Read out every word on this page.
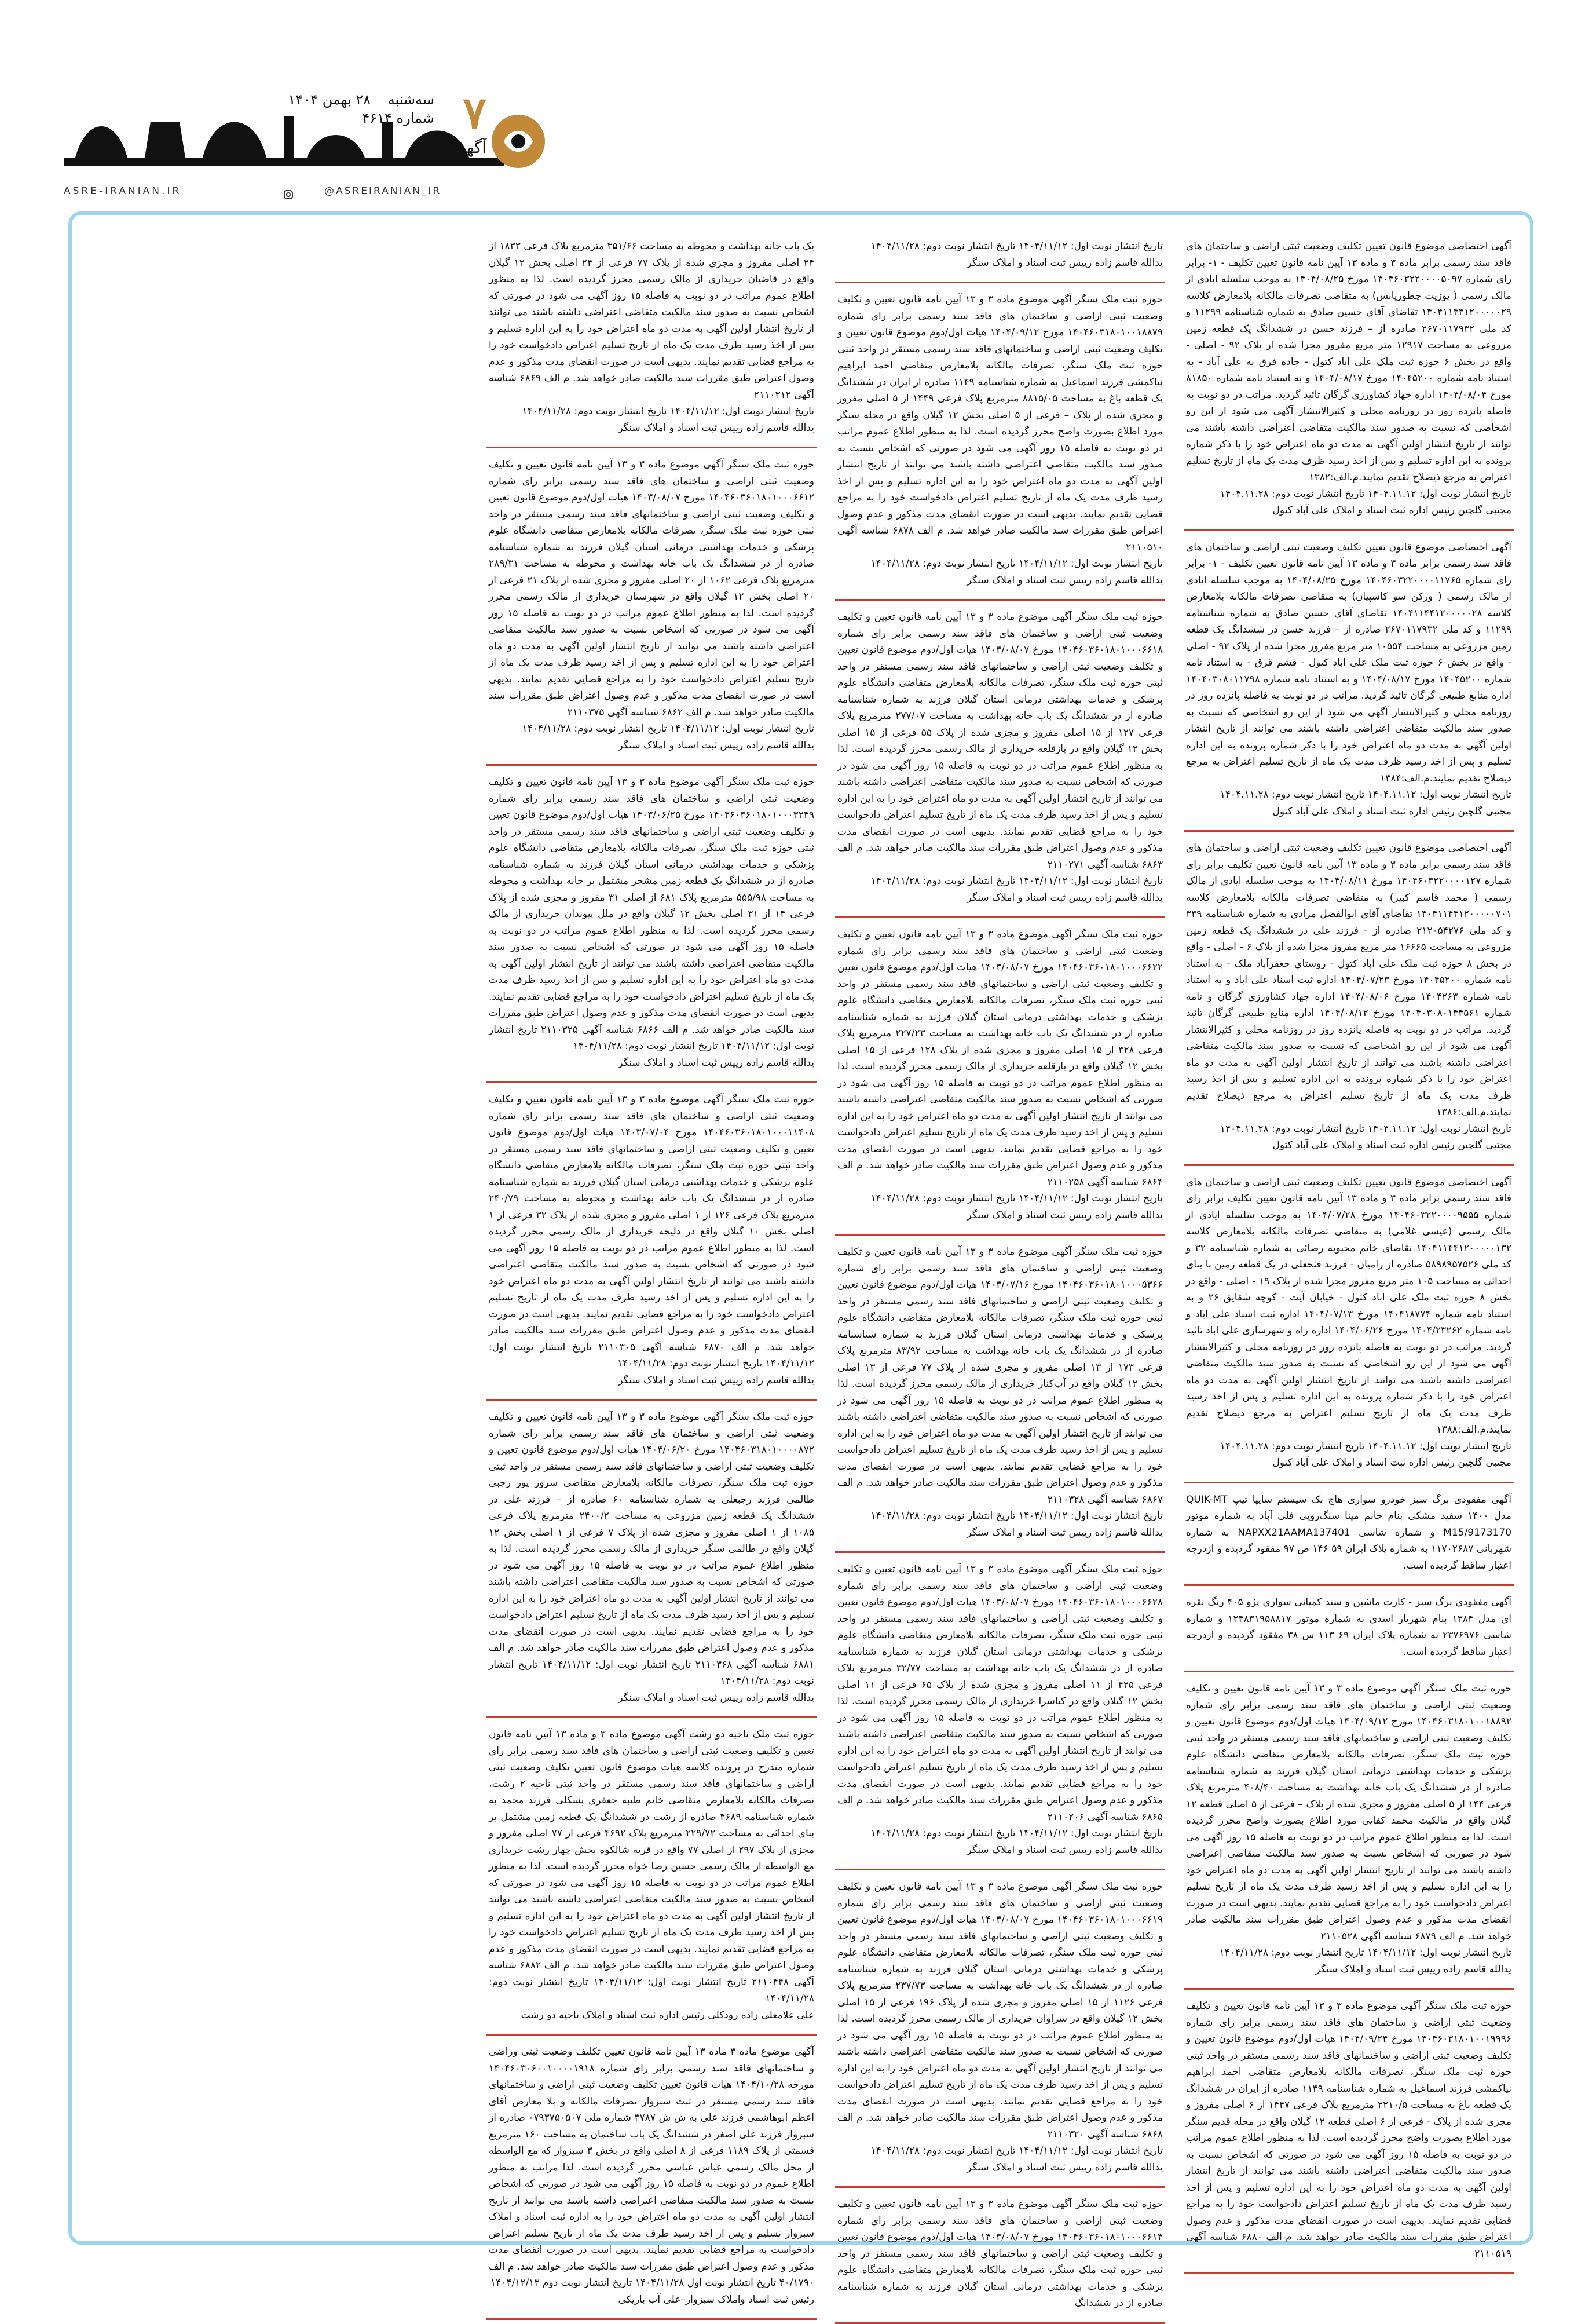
ASRE-IRANIAN.IR	@ASREIRANIAN_IR
۷
سه‌شنبه
۲۸ بهمن ۱۴۰۴
شماره ۴۶۱۴
آگهی

آگهی اختصاصی موضوع قانون تعیین تکلیف وضعیت ثبتی اراضی و ساختمان های فاقد سند رسمی برابر ماده ۳ و ماده ۱۳ آیین نامه قانون تعیین تکلیف - ۱- برابر رای شماره ۱۴۰۴۶۰۳۲۲۰۰۰۰۵۰۹۷ مورخ ۱۴۰۴/۰۸/۲۵ به موجب سلسله ایادی از مالک رسمی ( پوزیت چطوریانس) به متقاضی تصرفات مالکانه بلامعارض کلاسه ۱۴۰۴۱۱۴۴۱۲۰۰۰۰۰۲۹ تقاضای آقای حسین صادق به شماره شناسنامه ۱۱۲۹۹ و کد ملی ۲۶۷۰۱۱۷۹۳۲ صادره از – فرزند حسن در ششدانگ یک قطعه زمین مزروعی به مساحت ۱۲۹۱۷ متر مربع مفروز مجزا شده از پلاک ۹۲ - اصلی - واقع در بخش ۶ حوزه ثبت ملک علی اباد کتول - جاده فرق به علی آباد - به استناد نامه شماره ۱۴۰۴۵۲۰۰ مورخ ۱۴۰۴/۰۸/۱۷ و به استناد نامه شماره ۸۱۸۵۰ مورخ ۱۴۰۴/۰۸/۰۴ اداره جهاد کشاورزی گرگان تائید گردید. مراتب در دو نوبت به فاصله پانزده روز در روزنامه محلی و کثیرالانتشار آگهی می شود از این رو اشخاصی که نسبت به صدور سند مالکیت متقاضی اعتراضی داشته باشند می توانند از تاریخ انتشار اولین آگهی به مدت دو ماه اعتراض خود را با ذکر شماره پرونده به این اداره تسلیم و پس از اخذ رسید ظرف مدت یک ماه از تاریخ تسلیم اعتراض به مرجع ذیصلاح تقدیم نمایند.م.الف:۱۳۸۲

تاریخ انتشار نوبت اول: ۱۴۰۴.۱۱.۱۲ تاریخ انتشار نوبت دوم: ۱۴۰۴.۱۱.۲۸

مجتبی گلچین رئیس اداره ثبت اسناد و املاک علی آباد کتول

آگهی اختصاصی موضوع قانون تعیین تکلیف وضعیت ثبتی اراضی و ساختمان های فاقد سند رسمی برابر ماده ۳ و ماده ۱۳ آیین نامه قانون تعیین تکلیف - ۱- برابر رای شماره ۱۴۰۴۶۰۳۲۲۰۰۰۰۱۱۷۶۵ مورخ ۱۴۰۴/۰۸/۲۵ به موجب سلسله ایادی از مالک رسمی ( ورکن سو کاسپیان) به متقاضی تصرفات مالکانه بلامعارض کلاسه ۱۴۰۴۱۱۴۴۱۲۰۰۰۰۰۲۸ تقاضای آقای حسین صادق به شماره شناسنامه ۱۱۲۹۹ و کد ملی ۲۶۷۰۱۱۷۹۳۲ صادره از – فرزند حسن در ششدانگ یک قطعه زمین مزروعی به مساحت ۱۰۵۵۴ متر مربع مفروز مجزا شده از پلاک ۹۲ - اصلی - واقع در بخش ۶ حوزه ثبت ملک علی اباد کتول - قشم قرق - به استناد نامه شماره ۱۴۰۴۵۲۰۰ مورخ ۱۴۰۴/۰۸/۱۷ و به استناد نامه شماره ۱۴۰۴۰۳۰۸۰۱۱۷۹۸ اداره منابع طبیعی گرگان تائید گردید. مراتب در دو نوبت به فاصله پانزده روز در روزنامه محلی و کثیرالانتشار آگهی می شود از این رو اشخاصی که نسبت به صدور سند مالکیت متقاضی اعتراضی داشته باشند می توانند از تاریخ انتشار اولین آگهی به مدت دو ماه اعتراض خود را با ذکر شماره پرونده به این اداره تسلیم و پس از اخذ رسید ظرف مدت یک ماه از تاریخ تسلیم اعتراض به مرجع ذیصلاح تقدیم نمایند.م.الف:۱۳۸۴

تاریخ انتشار نوبت اول: ۱۴۰۴.۱۱.۱۲ تاریخ انتشار نوبت دوم: ۱۴۰۴.۱۱.۲۸

مجتبی گلچین رئیس اداره ثبت اسناد و املاک علی آباد کتول

آگهی اختصاصی موضوع قانون تعیین تکلیف وضعیت ثبتی اراضی و ساختمان های فاقد سند رسمی برابر ماده ۳ و ماده ۱۳ آیین نامه قانون تعیین تکلیف برابر رای شماره ۱۴۰۴۶۰۳۲۲۰۰۰۰۱۲۷ مورخ ۱۴۰۴/۰۸/۱۱ به موجب سلسله ایادی از مالک رسمی ( محمد قاسم کبیر) به متقاضی تصرفات مالکانه بلامعارض کلاسه ۱۴۰۴۱۱۴۴۱۲۰۰۰۰۰۷۰۱ تقاضای آقای ابوالفضل مرادی به شماره شناسنامه ۳۳۹ و کد ملی ۲۱۲۰۵۴۲۷۶ صادره از - فرزند علی در ششدانگ یک قطعه زمین مزروعی به مساحت ۱۶۶۶۵ متر مربع مفروز مجزا شده از پلاک ۶ - اصلی - واقع در بخش ۸ حوزه ثبت ملک علی اباد کتول - روستای جعفرآباد ملک - به استناد نامه شماره ۱۴۰۴۵۲۰۰ مورخ ۱۴۰۴/۰۷/۲۳ اداره ثبت اسناد علی اباد و به استناد نامه شماره ۱۴۰۴۲۶۳ مورخ ۱۴۰۴/۰۸/۰۶ اداره جهاد کشاورزی گرگان و نامه شماره ۱۴۰۴۰۳۰۸۰۱۴۴۵۶۱ مورخ ۱۴۰۴/۰۸/۱۲ اداره منابع طبیعی گرگان تائید گردید. مراتب در دو نوبت به فاصله پانزده روز در روزنامه محلی و کثیرالانتشار آگهی می شود از این رو اشخاصی که نسبت به صدور سند مالکیت متقاضی اعتراضی داشته باشند می توانند از تاریخ انتشار اولین آگهی به مدت دو ماه اعتراض خود را با ذکر شماره پرونده به این اداره تسلیم و پس از اخذ رسید ظرف مدت یک ماه از تاریخ تسلیم اعتراض به مرجع ذیصلاح تقدیم نمایند.م.الف:۱۳۸۶

تاریخ انتشار نوبت اول: ۱۴۰۴.۱۱.۱۲ تاریخ انتشار نوبت دوم: ۱۴۰۴.۱۱.۲۸

مجتبی گلچین رئیس اداره ثبت اسناد و املاک علی آباد کتول

آگهی اختصاصی موضوع قانون تعیین تکلیف وضعیت ثبتی اراضی و ساختمان های فاقد سند رسمی برابر ماده ۳ و ماده ۱۳ آیین نامه قانون تعیین تکلیف برابر رای شماره ۱۴۰۴۶۰۳۲۲۰۰۰۰۹۵۵۵ مورخ ۱۴۰۴/۰۷/۲۸ به موجب سلسله ایادی از مالک رسمی (عیسی غلامی) به متقاضی تصرفات مالکانه بلامعارض کلاسه ۱۴۰۴۱۱۴۴۱۲۰۰۰۰۰۱۳۲ تقاضای خانم محبوبه رضائی به شماره شناسنامه ۳۲ و کد ملی ۵۸۹۸۹۵۷۵۲۶ صادره از رامیان - فرزند فتحعلی در یک قطعه زمین با بنای احداثی به مساحت ۱۰۵ متر مربع مفروز مجزا شده از پلاک ۱۹ - اصلی - واقع در بخش ۸ حوزه ثبت ملک علی اباد کتول - خیابان آیت - کوچه شقایق ۲۶ و به استناد نامه شماره ۱۴۰۴۱۸۷۷۴ مورخ ۱۴۰۴/۰۷/۱۳ اداره ثبت اسناد علی اباد و نامه شماره ۱۴۰۴/۲۳۲۶۲ مورخ ۱۴۰۴/۰۶/۲۶ اداره راه و شهرسازی علی اباد تائید گردید. مراتب در دو نوبت به فاصله پانزده روز در روزنامه محلی و کثیرالانتشار آگهی می شود از این رو اشخاصی که نسبت به صدور سند مالکیت متقاضی اعتراضی داشته باشند می توانند از تاریخ انتشار اولین آگهی به مدت دو ماه اعتراض خود را با ذکر شماره پرونده به این اداره تسلیم و پس از اخذ رسید ظرف مدت یک ماه از تاریخ تسلیم اعتراض به مرجع ذیصلاح تقدیم نمایند.م.الف:۱۳۸۸

تاریخ انتشار نوبت اول: ۱۴۰۴.۱۱.۱۲ تاریخ انتشار نوبت دوم: ۱۴۰۴.۱۱.۲۸

مجتبی گلچین رئیس اداره ثبت اسناد و املاک علی آباد کتول

آگهی مفقودی برگ سبز خودرو سواری هاچ بک سیستم سایپا تیپ QUIK-MT مدل ۱۴۰۰ سفید مشکی بنام خانم مینا سنگ‌رویی فلی آباد به شماره موتور M15/9173170 و شماره شاسی NAPXX21AAMA137401 به شماره شهربانی ۱۱۷۰۲۶۸۷ به شماره پلاک ایران ۵۹ ۱۴۶ ص ۹۷ مفقود گردیده و ازدرجه اعتبار ساقط گردیده است.

آگهی مفقودی برگ سبز - کارت ماشین و سند کمپانی سواری پژو ۴۰۵ رنگ نقره ای مدل ۱۳۸۴ بنام شهریار اسدی به شماره موتور ۱۲۴۸۳۱۹۵۸۸۱۷ و شماره شاسی ۲۳۷۶۹۷۶ به شماره پلاک ایران ۶۹ ۱۱۳ س ۳۸ مفقود گردیده و ازدرجه اعتبار ساقط گردیده است.

حوزه ثبت ملک سنگر آگهی موضوع ماده ۳ و ۱۳ آیین نامه قانون تعیین و تکلیف وضعیت ثبتی اراضی و ساختمان های فاقد سند رسمی برابر رای شماره ۱۴۰۴۶۰۳۱۸۰۱۰۰۱۸۸۹۲ مورخ ۱۴۰۴/۰۹/۱۲ هیات اول/دوم موضوع قانون تعیین و تکلیف وضعیت ثبتی اراضی و ساختمانهای فاقد سند رسمی مستقر در واحد ثبتی حوزه ثبت ملک سنگر، تصرفات مالکانه بلامعارض متقاضی دانشگاه علوم پزشکی و خدمات بهداشتی درمانی استان گیلان فرزند به شماره شناسنامه صادره از در ششدانگ یک باب خانه بهداشت به مساحت ۴۰۸/۴۰ مترمربع پلاک فرعی ۱۴۴ از ۵ اصلی مفروز و مجزی شده از پلاک – فرعی از ۵ اصلی قطعه ۱۲ گیلان واقع در مالکیت محمد کفایی مورد اطلاع بصورت واضح محرز گردیده است. لذا به منظور اطلاع عموم مراتب در دو نوبت به فاصله ۱۵ روز آگهی می شود در صورتی که اشخاص نسبت به صدور سند مالکیت متقاضی اعتراضی داشته باشند می توانند از تاریخ انتشار اولین آگهی به مدت دو ماه اعتراض خود را به این اداره تسلیم و پس از اخذ رسید ظرف مدت یک ماه از تاریخ تسلیم اعتراض دادخواست خود را به مراجع قضایی تقدیم نمایند. بدیهی است در صورت انقضای مدت مذکور و عدم وصول اعتراض طبق مقررات سند مالکیت صادر خواهد شد. م الف ۶۸۷۹ شناسه آگهی ۲۱۱۰۵۲۸

تاریخ انتشار نوبت اول: ۱۴۰۴/۱۱/۱۲ تاریخ انتشار نوبت دوم: ۱۴۰۴/۱۱/۲۸

یدالله قاسم زاده رییس ثبت اسناد و املاک سنگر

حوزه ثبت ملک سنگر آگهی موضوع ماده ۳ و ۱۳ آیین نامه قانون تعیین و تکلیف وضعیت ثبتی اراضی و ساختمان های فاقد سند رسمی برابر رای شماره ۱۴۰۴۶۰۳۱۸۰۱۰۰۱۹۹۹۶ مورخ ۱۴۰۴/۰۹/۲۴ هیات اول/دوم موضوع قانون تعیین و تکلیف وضعیت ثبتی اراضی و ساختمانهای فاقد سند رسمی مستقر در واحد ثبتی حوزه ثبت ملک سنگر، تصرفات مالکانه بلامعارض متقاضی احمد ابراهیم نیاکمشی فرزند اسماعیل به شماره شناسنامه ۱۱۴۹ صادره از ایران در ششدانگ یک قطعه باغ به مساحت ۲۲۱۰/۵ مترمربع پلاک فرعی ۱۴۴۷ از ۶ اصلی مفروز و مجزی شده از پلاک - فرعی از ۶ اصلی قطعه ۱۲ گیلان واقع در محله قدیم سنگر مورد اطلاع بصورت واضح محرز گردیده است. لذا به منظور اطلاع عموم مراتب در دو نوبت به فاصله ۱۵ روز آگهی می شود در صورتی که اشخاص نسبت به صدور سند مالکیت متقاضی اعتراضی داشته باشند می توانند از تاریخ انتشار اولین آگهی به مدت دو ماه اعتراض خود را به این اداره تسلیم و پس از اخذ رسید ظرف مدت یک ماه از تاریخ تسلیم اعتراض دادخواست خود را به مراجع قضایی تقدیم نمایند. بدیهی است در صورت انقضای مدت مذکور و عدم وصول اعتراض طبق مقررات سند مالکیت صادر خواهد شد. م الف ۶۸۸۰ شناسه آگهی ۲۱۱۰۵۱۹

تاریخ انتشار نوبت اول: ۱۴۰۴/۱۱/۱۲ تاریخ انتشار نوبت دوم: ۱۴۰۴/۱۱/۲۸

یدالله قاسم زاده رییس ثبت اسناد و املاک سنگر

حوزه ثبت ملک سنگر آگهی موضوع ماده ۳ و ۱۳ آیین نامه قانون تعیین و تکلیف وضعیت ثبتی اراضی و ساختمان های فاقد سند رسمی برابر رای شماره ۱۴۰۴۶۰۳۱۸۰۱۰۰۱۸۸۷۹ مورخ ۱۴۰۴/۰۹/۱۲ هیات اول/دوم موضوع قانون تعیین و تکلیف وضعیت ثبتی اراضی و ساختمانهای فاقد سند رسمی مستقر در واحد ثبتی حوزه ثبت ملک سنگر، تصرفات مالکانه بلامعارض متقاضی احمد ابراهیم نیاکمشی فرزند اسماعیل به شماره شناسنامه ۱۱۴۹ صادره از ایران در ششدانگ یک قطعه باغ به مساحت ۸۸۱۵/۰۵ مترمربع پلاک فرعی ۱۴۴۹ از ۵ اصلی مفروز و مجزی شده از پلاک – فرعی از ۵ اصلی بخش ۱۲ گیلان واقع در محله سنگر مورد اطلاع بصورت واضح محرز گردیده است. لذا به منظور اطلاع عموم مراتب در دو نوبت به فاصله ۱۵ روز آگهی می شود در صورتی که اشخاص نسبت به صدور سند مالکیت متقاضی اعتراضی داشته باشند می توانند از تاریخ انتشار اولین آگهی به مدت دو ماه اعتراض خود را به این اداره تسلیم و پس از اخذ رسید ظرف مدت یک ماه از تاریخ تسلیم اعتراض دادخواست خود را به مراجع قضایی تقدیم نمایند. بدیهی است در صورت انقضای مدت مذکور و عدم وصول اعتراض طبق مقررات سند مالکیت صادر خواهد شد. م الف ۶۸۷۸ شناسه آگهی ۲۱۱۰۵۱۰

تاریخ انتشار نوبت اول: ۱۴۰۴/۱۱/۱۲ تاریخ انتشار نوبت دوم: ۱۴۰۴/۱۱/۲۸

یدالله قاسم زاده رییس ثبت اسناد و املاک سنگر

حوزه ثبت ملک سنگر آگهی موضوع ماده ۳ و ۱۳ آیین نامه قانون تعیین و تکلیف وضعیت ثبتی اراضی و ساختمان های فاقد سند رسمی برابر رای شماره ۱۴۰۴۶۰۳۶۰۱۸۰۱۰۰۰۶۶۱۸ مورخ ۱۴۰۳/۰۸/۰۷ هیات اول/دوم موضوع قانون تعیین و تکلیف وضعیت ثبتی اراضی و ساختمانهای فاقد سند رسمی مستقر در واحد ثبتی حوزه ثبت ملک سنگر، تصرفات مالکانه بلامعارض متقاضی دانشگاه علوم پزشکی و خدمات بهداشتی درمانی استان گیلان فرزند به شماره شناسنامه صادره از در ششدانگ یک باب خانه بهداشت به مساحت ۲۷۷/۰۷ مترمربع پلاک فرعی ۱۲۷ از ۱۵ اصلی مفروز و مجزی شده از پلاک ۵۵ فرعی از ۱۵ اصلی بخش ۱۲ گیلان واقع در بازقلعه خریداری از مالک رسمی محرز گردیده است. لذا به منظور اطلاع عموم مراتب در دو نوبت به فاصله ۱۵ روز آگهی می شود در صورتی که اشخاص نسبت به صدور سند مالکیت متقاضی اعتراضی داشته باشند می توانند از تاریخ انتشار اولین آگهی به مدت دو ماه اعتراض خود را به این اداره تسلیم و پس از اخذ رسید ظرف مدت یک ماه از تاریخ تسلیم اعتراض دادخواست خود را به مراجع قضایی تقدیم نمایند. بدیهی است در صورت انقضای مدت مذکور و عدم وصول اعتراض طبق مقررات سند مالکیت صادر خواهد شد. م الف ۶۸۶۳ شناسه آگهی ۲۱۱۰۲۷۱

تاریخ انتشار نوبت اول: ۱۴۰۴/۱۱/۱۲ تاریخ انتشار نوبت دوم: ۱۴۰۴/۱۱/۲۸

یدالله قاسم زاده رییس ثبت اسناد و املاک سنگر

حوزه ثبت ملک سنگر آگهی موضوع ماده ۳ و ۱۳ آیین نامه قانون تعیین و تکلیف وضعیت ثبتی اراضی و ساختمان های فاقد سند رسمی برابر رای شماره ۱۴۰۴۶۰۳۶۰۱۸۰۱۰۰۰۶۶۲۲ مورخ ۱۴۰۳/۰۸/۰۷ هیات اول/دوم موضوع قانون تعیین و تکلیف وضعیت ثبتی اراضی و ساختمانهای فاقد سند رسمی مستقر در واحد ثبتی حوزه ثبت ملک سنگر، تصرفات مالکانه بلامعارض متقاضی دانشگاه علوم پزشکی و خدمات بهداشتی درمانی استان گیلان فرزند به شماره شناسنامه صادره از در ششدانگ یک باب خانه بهداشت به مساحت ۲۲۷/۲۳ مترمربع پلاک فرعی ۳۲۸ از ۱۵ اصلی مفروز و مجزی شده از پلاک ۱۲۸ فرعی از ۱۵ اصلی بخش ۱۲ گیلان واقع در بازقلعه خریداری از مالک رسمی محرز گردیده است. لذا به منظور اطلاع عموم مراتب در دو نوبت به فاصله ۱۵ روز آگهی می شود در صورتی که اشخاص نسبت به صدور سند مالکیت متقاضی اعتراضی داشته باشند می توانند از تاریخ انتشار اولین آگهی به مدت دو ماه اعتراض خود را به این اداره تسلیم و پس از اخذ رسید ظرف مدت یک ماه از تاریخ تسلیم اعتراض دادخواست خود را به مراجع قضایی تقدیم نمایند. بدیهی است در صورت انقضای مدت مذکور و عدم وصول اعتراض طبق مقررات سند مالکیت صادر خواهد شد. م الف ۶۸۶۴ شناسه آگهی ۲۱۱۰۲۵۸

تاریخ انتشار نوبت اول: ۱۴۰۴/۱۱/۱۲ تاریخ انتشار نوبت دوم: ۱۴۰۴/۱۱/۲۸

یدالله قاسم زاده رییس ثبت اسناد و املاک سنگر

حوزه ثبت ملک سنگر آگهی موضوع ماده ۳ و ۱۳ آیین نامه قانون تعیین و تکلیف وضعیت ثبتی اراضی و ساختمان های فاقد سند رسمی برابر رای شماره ۱۴۰۴۶۰۳۶۰۱۸۰۱۰۰۰۵۳۶۶ مورخ ۱۴۰۳/۰۷/۱۶ هیات اول/دوم موضوع قانون تعیین و تکلیف وضعیت ثبتی اراضی و ساختمانهای فاقد سند رسمی مستقر در واحد ثبتی حوزه ثبت ملک سنگر، تصرفات مالکانه بلامعارض متقاضی دانشگاه علوم پزشکی و خدمات بهداشتی درمانی استان گیلان فرزند به شماره شناسنامه صادره از در ششدانگ یک باب خانه بهداشت به مساحت ۸۳/۹۲ مترمربع پلاک فرعی ۱۷۳ از ۱۳ اصلی مفروز و مجزی شده از پلاک ۷۷ فرعی از ۱۳ اصلی بخش ۱۲ گیلان واقع در آب‌کنار خریداری از مالک رسمی محرز گردیده است. لذا به منظور اطلاع عموم مراتب در دو نوبت به فاصله ۱۵ روز آگهی می شود در صورتی که اشخاص نسبت به صدور سند مالکیت متقاضی اعتراضی داشته باشند می توانند از تاریخ انتشار اولین آگهی به مدت دو ماه اعتراض خود را به این اداره تسلیم و پس از اخذ رسید ظرف مدت یک ماه از تاریخ تسلیم اعتراض دادخواست خود را به مراجع قضایی تقدیم نمایند. بدیهی است در صورت انقضای مدت مذکور و عدم وصول اعتراض طبق مقررات سند مالکیت صادر خواهد شد. م الف ۶۸۶۷ شناسه آگهی ۲۱۱۰۳۲۸

تاریخ انتشار نوبت اول: ۱۴۰۴/۱۱/۱۲ تاریخ انتشار نوبت دوم: ۱۴۰۴/۱۱/۲۸

یدالله قاسم زاده رییس ثبت اسناد و املاک سنگر

حوزه ثبت ملک سنگر آگهی موضوع ماده ۳ و ۱۳ آیین نامه قانون تعیین و تکلیف وضعیت ثبتی اراضی و ساختمان های فاقد سند رسمی برابر رای شماره ۱۴۰۴۶۰۳۶۰۱۸۰۱۰۰۰۶۶۲۸ مورخ ۱۴۰۳/۰۸/۰۷ هیات اول/دوم موضوع قانون تعیین و تکلیف وضعیت ثبتی اراضی و ساختمانهای فاقد سند رسمی مستقر در واحد ثبتی حوزه ثبت ملک سنگر، تصرفات مالکانه بلامعارض متقاضی دانشگاه علوم پزشکی و خدمات بهداشتی درمانی استان گیلان فرزند به شماره شناسنامه صادره از در ششدانگ یک باب خانه بهداشت به مساحت ۳۲/۷۷ مترمربع پلاک فرعی ۴۲۵ از ۱۱ اصلی مفروز و مجزی شده از پلاک ۶۵ فرعی از ۱۱ اصلی بخش ۱۲ گیلان واقع در کیاسرا خریداری از مالک رسمی محرز گردیده است. لذا به منظور اطلاع عموم مراتب در دو نوبت به فاصله ۱۵ روز آگهی می شود در صورتی که اشخاص نسبت به صدور سند مالکیت متقاضی اعتراضی داشته باشند می توانند از تاریخ انتشار اولین آگهی به مدت دو ماه اعتراض خود را به این اداره تسلیم و پس از اخذ رسید ظرف مدت یک ماه از تاریخ تسلیم اعتراض دادخواست خود را به مراجع قضایی تقدیم نمایند. بدیهی است در صورت انقضای مدت مذکور و عدم وصول اعتراض طبق مقررات سند مالکیت صادر خواهد شد. م الف ۶۸۶۵ شناسه آگهی ۲۱۱۰۲۰۶

تاریخ انتشار نوبت اول: ۱۴۰۴/۱۱/۱۲ تاریخ انتشار نوبت دوم: ۱۴۰۴/۱۱/۲۸

یدالله قاسم زاده رییس ثبت اسناد و املاک سنگر

حوزه ثبت ملک سنگر آگهی موضوع ماده ۳ و ۱۳ آیین نامه قانون تعیین و تکلیف وضعیت ثبتی اراضی و ساختمان های فاقد سند رسمی برابر رای شماره ۱۴۰۴۶۰۳۶۰۱۸۰۱۰۰۰۶۶۱۹ مورخ ۱۴۰۳/۰۸/۰۷ هیات اول/دوم موضوع قانون تعیین و تکلیف وضعیت ثبتی اراضی و ساختمانهای فاقد سند رسمی مستقر در واحد ثبتی حوزه ثبت ملک سنگر، تصرفات مالکانه بلامعارض متقاضی دانشگاه علوم پزشکی و خدمات بهداشتی درمانی استان گیلان فرزند به شماره شناسنامه صادره از در ششدانگ یک باب خانه بهداشت به مساحت ۲۳۷/۷۳ مترمربع پلاک فرعی ۱۱۲۶ از ۱۵ اصلی مفروز و مجزی شده از پلاک ۱۹۶ فرعی از ۱۵ اصلی بخش ۱۲ گیلان واقع در سراوان خریداری از مالک رسمی محرز گردیده است. لذا به منظور اطلاع عموم مراتب در دو نوبت به فاصله ۱۵ روز آگهی می شود در صورتی که اشخاص نسبت به صدور سند مالکیت متقاضی اعتراضی داشته باشند می توانند از تاریخ انتشار اولین آگهی به مدت دو ماه اعتراض خود را به این اداره تسلیم و پس از اخذ رسید ظرف مدت یک ماه از تاریخ تسلیم اعتراض دادخواست خود را به مراجع قضایی تقدیم نمایند. بدیهی است در صورت انقضای مدت مذکور و عدم وصول اعتراض طبق مقررات سند مالکیت صادر خواهد شد. م الف ۶۸۶۸ شناسه آگهی ۲۱۱۰۳۲۰

تاریخ انتشار نوبت اول: ۱۴۰۴/۱۱/۱۲ تاریخ انتشار نوبت دوم: ۱۴۰۴/۱۱/۲۸

یدالله قاسم زاده رییس ثبت اسناد و املاک سنگر

حوزه ثبت ملک سنگر آگهی موضوع ماده ۳ و ۱۳ آیین نامه قانون تعیین و تکلیف وضعیت ثبتی اراضی و ساختمان های فاقد سند رسمی برابر رای شماره ۱۴۰۴۶۰۳۶۰۱۸۰۱۰۰۰۶۶۱۴ مورخ ۱۴۰۳/۰۸/۰۷ هیات اول/دوم موضوع قانون تعیین و تکلیف وضعیت ثبتی اراضی و ساختمانهای فاقد سند رسمی مستقر در واحد ثبتی حوزه ثبت ملک سنگر، تصرفات مالکانه بلامعارض متقاضی دانشگاه علوم پزشکی و خدمات بهداشتی درمانی استان گیلان فرزند به شماره شناسنامه صادره از در ششدانگ

یک باب خانه بهداشت و محوطه به مساحت ۳۵۱/۶۶ مترمربع پلاک فرعی ۱۸۳۳ از ۲۴ اصلی مفروز و مجزی شده از پلاک ۷۷ فرعی از ۲۴ اصلی بخش ۱۲ گیلان واقع در قاضیان خریداری از مالک رسمی محرز گردیده است. لذا به منظور اطلاع عموم مراتب در دو نوبت به فاصله ۱۵ روز آگهی می شود در صورتی که اشخاص نسبت به صدور سند مالکیت متقاضی اعتراضی داشته باشند می توانند از تاریخ انتشار اولین آگهی به مدت دو ماه اعتراض خود را به این اداره تسلیم و پس از اخذ رسید ظرف مدت یک ماه از تاریخ تسلیم اعتراض دادخواست خود را به مراجع قضایی تقدیم نمایند. بدیهی است در صورت انقضای مدت مذکور و عدم وصول اعتراض طبق مقررات سند مالکیت صادر خواهد شد. م الف ۶۸۶۹ شناسه آگهی ۲۱۱۰۳۱۲

تاریخ انتشار نوبت اول: ۱۴۰۴/۱۱/۱۲ تاریخ انتشار نوبت دوم: ۱۴۰۴/۱۱/۲۸

یدالله قاسم زاده رییس ثبت اسناد و املاک سنگر

حوزه ثبت ملک سنگر آگهی موضوع ماده ۳ و ۱۳ آیین نامه قانون تعیین و تکلیف وضعیت ثبتی اراضی و ساختمان های فاقد سند رسمی برابر رای شماره ۱۴۰۴۶۰۳۶۰۱۸۰۱۰۰۰۶۶۱۲ مورخ ۱۴۰۳/۰۸/۰۷ هیات اول/دوم موضوع قانون تعیین و تکلیف وضعیت ثبتی اراضی و ساختمانهای فاقد سند رسمی مستقر در واحد ثبتی حوزه ثبت ملک سنگر، تصرفات مالکانه بلامعارض متقاضی دانشگاه علوم پزشکی و خدمات بهداشتی درمانی استان گیلان فرزند به شماره شناسنامه صادره از در ششدانگ یک باب خانه بهداشت و محوطه به مساحت ۲۸۹/۳۱ مترمربع پلاک فرعی ۱۰۶۲ از ۲۰ اصلی مفروز و مجزی شده از پلاک ۲۱ فرعی از ۲۰ اصلی بخش ۱۲ گیلان واقع در شهرستان خریداری از مالک رسمی محرز گردیده است. لذا به منظور اطلاع عموم مراتب در دو نوبت به فاصله ۱۵ روز آگهی می شود در صورتی که اشخاص نسبت به صدور سند مالکیت متقاضی اعتراضی داشته باشند می توانند از تاریخ انتشار اولین آگهی به مدت دو ماه اعتراض خود را به این اداره تسلیم و پس از اخذ رسید ظرف مدت یک ماه از تاریخ تسلیم اعتراض دادخواست خود را به مراجع قضایی تقدیم نمایند. بدیهی است در صورت انقضای مدت مذکور و عدم وصول اعتراض طبق مقررات سند مالکیت صادر خواهد شد. م الف ۶۸۶۲ شناسه آگهی ۲۱۱۰۳۷۵

تاریخ انتشار نوبت اول: ۱۴۰۴/۱۱/۱۲ تاریخ انتشار نوبت دوم: ۱۴۰۴/۱۱/۲۸

یدالله قاسم زاده رییس ثبت اسناد و املاک سنگر

حوزه ثبت ملک سنگر آگهی موضوع ماده ۳ و ۱۳ آیین نامه قانون تعیین و تکلیف وضعیت ثبتی اراضی و ساختمان های فاقد سند رسمی برابر رای شماره ۱۴۰۴۶۰۳۶۰۱۸۰۱۰۰۰۳۲۴۹ مورخ ۱۴۰۳/۰۶/۲۵ هیات اول/دوم موضوع قانون تعیین و تکلیف وضعیت ثبتی اراضی و ساختمانهای فاقد سند رسمی مستقر در واحد ثبتی حوزه ثبت ملک سنگر، تصرفات مالکانه بلامعارض متقاضی دانشگاه علوم پزشکی و خدمات بهداشتی درمانی استان گیلان فرزند به شماره شناسنامه صادره از در ششدانگ یک قطعه زمین مشجر مشتمل بر خانه بهداشت و محوطه به مساحت ۵۵۵/۹۸ مترمربع پلاک ۶۸۱ از اصلی ۳۱ مفروز و مجزی شده از پلاک فرعی ۱۴ از ۳۱ اصلی بخش ۱۲ گیلان واقع در ملل پیوندان خریداری از مالک رسمی محرز گردیده است. لذا به منظور اطلاع عموم مراتب در دو نوبت به فاصله ۱۵ روز آگهی می شود در صورتی که اشخاص نسبت به صدور سند مالکیت متقاضی اعتراضی داشته باشند می توانند از تاریخ انتشار اولین آگهی به مدت دو ماه اعتراض خود را به این اداره تسلیم و پس از اخذ رسید ظرف مدت یک ماه از تاریخ تسلیم اعتراض دادخواست خود را به مراجع قضایی تقدیم نمایند. بدیهی است در صورت انقضای مدت مذکور و عدم وصول اعتراض طبق مقررات سند مالکیت صادر خواهد شد. م الف ۶۸۶۶ شناسه آگهی ۲۱۱۰۳۲۵ تاریخ انتشار نوبت اول: ۱۴۰۴/۱۱/۱۲ تاریخ انتشار نوبت دوم: ۱۴۰۴/۱۱/۲۸

یدالله قاسم زاده رییس ثبت اسناد و املاک سنگر

حوزه ثبت ملک سنگر آگهی موضوع ماده ۳ و ۱۳ آیین نامه قانون تعیین و تکلیف وضعیت ثبتی اراضی و ساختمان های فاقد سند رسمی برابر رای شماره ۱۴۰۴۶۰۳۶۰۱۸۰۱۰۰۰۱۱۴۰۸ مورخ ۱۴۰۳/۰۷/۰۴ هیات اول/دوم موضوع قانون تعیین و تکلیف وضعیت ثبتی اراضی و ساختمانهای فاقد سند رسمی مستقر در واحد ثبتی حوزه ثبت ملک سنگر، تصرفات مالکانه بلامعارض متقاضی دانشگاه علوم پزشکی و خدمات بهداشتی درمانی استان گیلان فرزند به شماره شناسنامه صادره از در ششدانگ یک باب خانه بهداشت و محوطه به مساحت ۲۴۰/۷۹ مترمربع پلاک فرعی ۱۲۶ از ۱ اصلی مفروز و مجزی شده از پلاک ۳۲ فرعی از ۱ اصلی بخش ۱۰ گیلان واقع در دلیجه خریداری از مالک رسمی محرز گردیده است. لذا به منظور اطلاع عموم مراتب در دو نوبت به فاصله ۱۵ روز آگهی می شود در صورتی که اشخاص نسبت به صدور سند مالکیت متقاضی اعتراضی داشته باشند می توانند از تاریخ انتشار اولین آگهی به مدت دو ماه اعتراض خود را به این اداره تسلیم و پس از اخذ رسید ظرف مدت یک ماه از تاریخ تسلیم اعتراض دادخواست خود را به مراجع قضایی تقدیم نمایند. بدیهی است در صورت انقضای مدت مذکور و عدم وصول اعتراض طبق مقررات سند مالکیت صادر خواهد شد. م الف ۶۸۷۰ شناسه آگهی ۲۱۱۰۳۰۵ تاریخ انتشار نوبت اول: ۱۴۰۴/۱۱/۱۲ تاریخ انتشار نوبت دوم: ۱۴۰۴/۱۱/۲۸

یدالله قاسم زاده رییس ثبت اسناد و املاک سنگر

حوزه ثبت ملک سنگر آگهی موضوع ماده ۳ و ۱۳ آیین نامه قانون تعیین و تکلیف وضعیت ثبتی اراضی و ساختمان های فاقد سند رسمی برابر رای شماره ۱۴۰۴۶۰۳۱۸۰۱۰۰۰۰۸۷۲ مورخ ۱۴۰۴/۰۶/۲۰ هیات اول/دوم موضوع قانون تعیین و تکلیف وضعیت ثبتی اراضی و ساختمانهای فاقد سند رسمی مستقر در واحد ثبتی حوزه ثبت ملک سنگر، تصرفات مالکانه بلامعارض متقاضی سرور پور رجبی طالمی فرزند رجبعلی به شماره شناسنامه ۶۰ صادره از – فرزند علی در ششدانگ یک قطعه زمین مزروعی به مساحت ۲۴۰۰/۲ مترمربع پلاک فرعی ۱۰۸۵ از ۱ اصلی مفروز و مجزی شده از پلاک ۷ فرعی از ۱ اصلی بخش ۱۲ گیلان واقع در طالمی سنگر خریداری از مالک رسمی محرز گردیده است. لذا به منظور اطلاع عموم مراتب در دو نوبت به فاصله ۱۵ روز آگهی می شود در صورتی که اشخاص نسبت به صدور سند مالکیت متقاضی اعتراضی داشته باشند می توانند از تاریخ انتشار اولین آگهی به مدت دو ماه اعتراض خود را به این اداره تسلیم و پس از اخذ رسید ظرف مدت یک ماه از تاریخ تسلیم اعتراض دادخواست خود را به مراجع قضایی تقدیم نمایند. بدیهی است در صورت انقضای مدت مذکور و عدم وصول اعتراض طبق مقررات سند مالکیت صادر خواهد شد. م الف ۶۸۸۱ شناسه آگهی ۲۱۱۰۳۶۸ تاریخ انتشار نوبت اول: ۱۴۰۴/۱۱/۱۲ تاریخ انتشار نوبت دوم: ۱۴۰۴/۱۱/۲۸

یدالله قاسم زاده رییس ثبت اسناد و املاک سنگر

حوزه ثبت ملک ناحیه دو رشت آگهی موضوع ماده ۳ و ماده ۱۳ آیین نامه قانون تعیین و تکلیف وضعیت ثبتی اراضی و ساختمان های فاقد سند رسمی برابر رای شماره مندرج در پرونده کلاسه هیات موضوع قانون تعیین تکلیف وضعیت ثبتی اراضی و ساختمانهای فاقد سند رسمی مستقر در واحد ثبتی ناحیه ۲ رشت، تصرفات مالکانه بلامعارض متقاضی خانم طیبه جعفری پسکلی فرزند محمد به شماره شناسنامه ۴۶۸۹ صادره از رشت در ششدانگ یک قطعه زمین مشتمل بر بنای احداثی به مساحت ۲۲۹/۷۲ مترمربع پلاک ۴۶۹۲ فرعی از ۷۷ اصلی مفروز و مجزی از پلاک ۲۹۷ از اصلی ۷۷ واقع در قریه شالکوه بخش چهار رشت خریداری مع الواسطه از مالک رسمی حسین رضا خواه محرز گردیده است. لذا به منظور اطلاع عموم مراتب در دو نوبت به فاصله ۱۵ روز آگهی می شود در صورتی که اشخاص نسبت به صدور سند مالکیت متقاضی اعتراضی داشته باشند می توانند از تاریخ انتشار اولین آگهی به مدت دو ماه اعتراض خود را به این اداره تسلیم و پس از اخذ رسید ظرف مدت یک ماه از تاریخ تسلیم اعتراض دادخواست خود را به مراجع قضایی تقدیم نمایند. بدیهی است در صورت انقضای مدت مذکور و عدم وصول اعتراض طبق مقررات سند مالکیت صادر خواهد شد. م الف ۶۸۸۲ شناسه آگهی ۲۱۱۰۴۴۸ تاریخ انتشار نوبت اول: ۱۴۰۴/۱۱/۱۲ تاریخ انتشار نوبت دوم: ۱۴۰۴/۱۱/۲۸

علی غلامعلی زاده رودکلی رئیس اداره ثبت اسناد و املاک ناحیه دو رشت

آگهی موضوع ماده ۳ ماده ۱۳ آیین نامه قانون تعیین تکلیف وضعیت ثبتی وراضی و ساختمانهای فاقد سند رسمی برابر رای شماره ۱۴۰۴۶۰۳۰۶۰۰۱۰۰۰۰۱۹۱۸ مورخه ۱۴۰۴/۱۰/۲۸ هیات قانون تعیین تکلیف وضعیت ثبتی اراضی و ساختمانهای فاقد سند رسمی مستقر در ثبت سبزوار تصرفات مالکانه و بلا معارض آقای اعظم ابوهاشمی فرزند علی به ش ش ۳۷۸۷ شماره ملی ۰۷۹۳۷۵۰۵۰۷ صادره از سبزوار فرزند علی اصغر در ششدانگ یک باب ساختمان به مساحت ۱۶۰ مترمربع قسمتی از پلاک ۱۱۸۹ فرعی از ۸ اصلی واقع در بخش ۳ سبزوار که مع الواسطه از محل مالک رسمی عباس عباسی محرز گردیده است. لذا مراتب به منظور اطلاع عموم در دو نوبت به فاصله ۱۵ روز آگهی می شود در صورتی که اشخاص نسبت به صدور سند مالکیت متقاضی اعتراضی داشته باشند می توانند از تاریخ انتشار اولین آگهی به مدت دو ماه اعتراض خود را به اداره ثبت اسناد و املاک سبزوار تسلیم و پس از اخذ رسید ظرف مدت یک ماه از تاریخ تسلیم اعتراض دادخواست به مراجع قضایی تقدیم نمایند. بدیهی است در صورت انقضای مدت مذکور و عدم وصول اعتراض طبق مقررات سند مالکیت صادر خواهد شد. م الف ۴۰/۱۷۹۰ تاریخ انتشار نوبت اول ۱۴۰۴/۱۱/۲۸ تاریخ انتشار نوبت دوم ۱۴۰۴/۱۲/۱۳

رئیس ثبت اسناد واملاک سبزوار–علی آب باریکی
